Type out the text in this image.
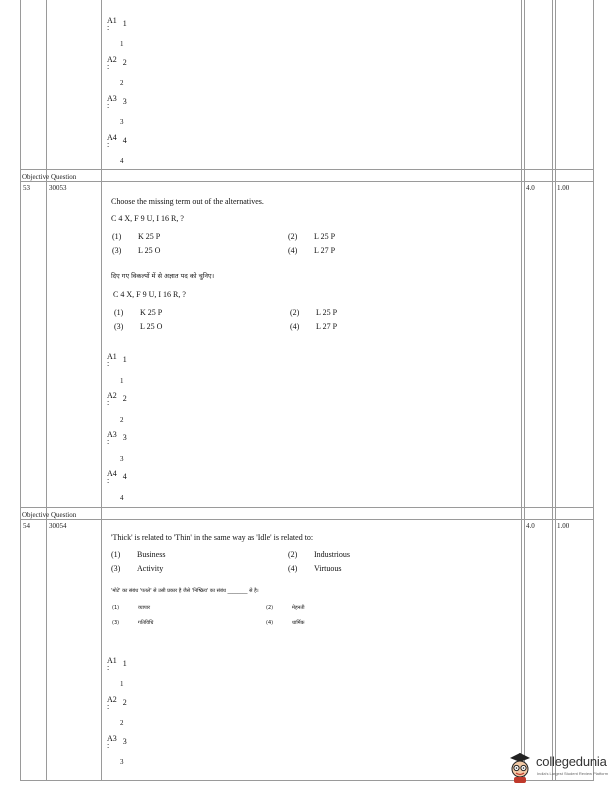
A1 1
:
1
A2 2
:
2
A3 3
:
3
A4 4
:
4
Objective Question
53	30053	4.0	1.00
Choose the missing term out of the alternatives.
C 4 X, F 9 U, I 16 R, ?
(1) K 25 P	(2) L 25 P
(3) L 25 O	(4) L 27 P
दिए गए विकल्पों में से अज्ञात पद को चुनिए।
C 4 X, F 9 U, I 16 R, ?
(1) K 25 P	(2) L 25 P
(3) L 25 O	(4) L 27 P
A1 1
:
1
A2 2
:
2
A3 3
:
3
A4 4
:
4
Objective Question
54	30054	4.0	1.00
'Thick' is related to 'Thin' in the same way as 'Idle' is related to:
(1) Business	(2) Industrious
(3) Activity	(4) Virtuous
'मोटे' का संबंध 'पतले' से उसी प्रकार है जैसे 'निष्क्रिय' का संबंध ________ से है।
(1)	व्यापार	(2)	मेहनती
(3)	गतिविधि	(4)	धार्मिक
A1 1
:
1
A2 2
:
2
A3 3
:
3	collegedunia
India's Largest Student Review Platform
